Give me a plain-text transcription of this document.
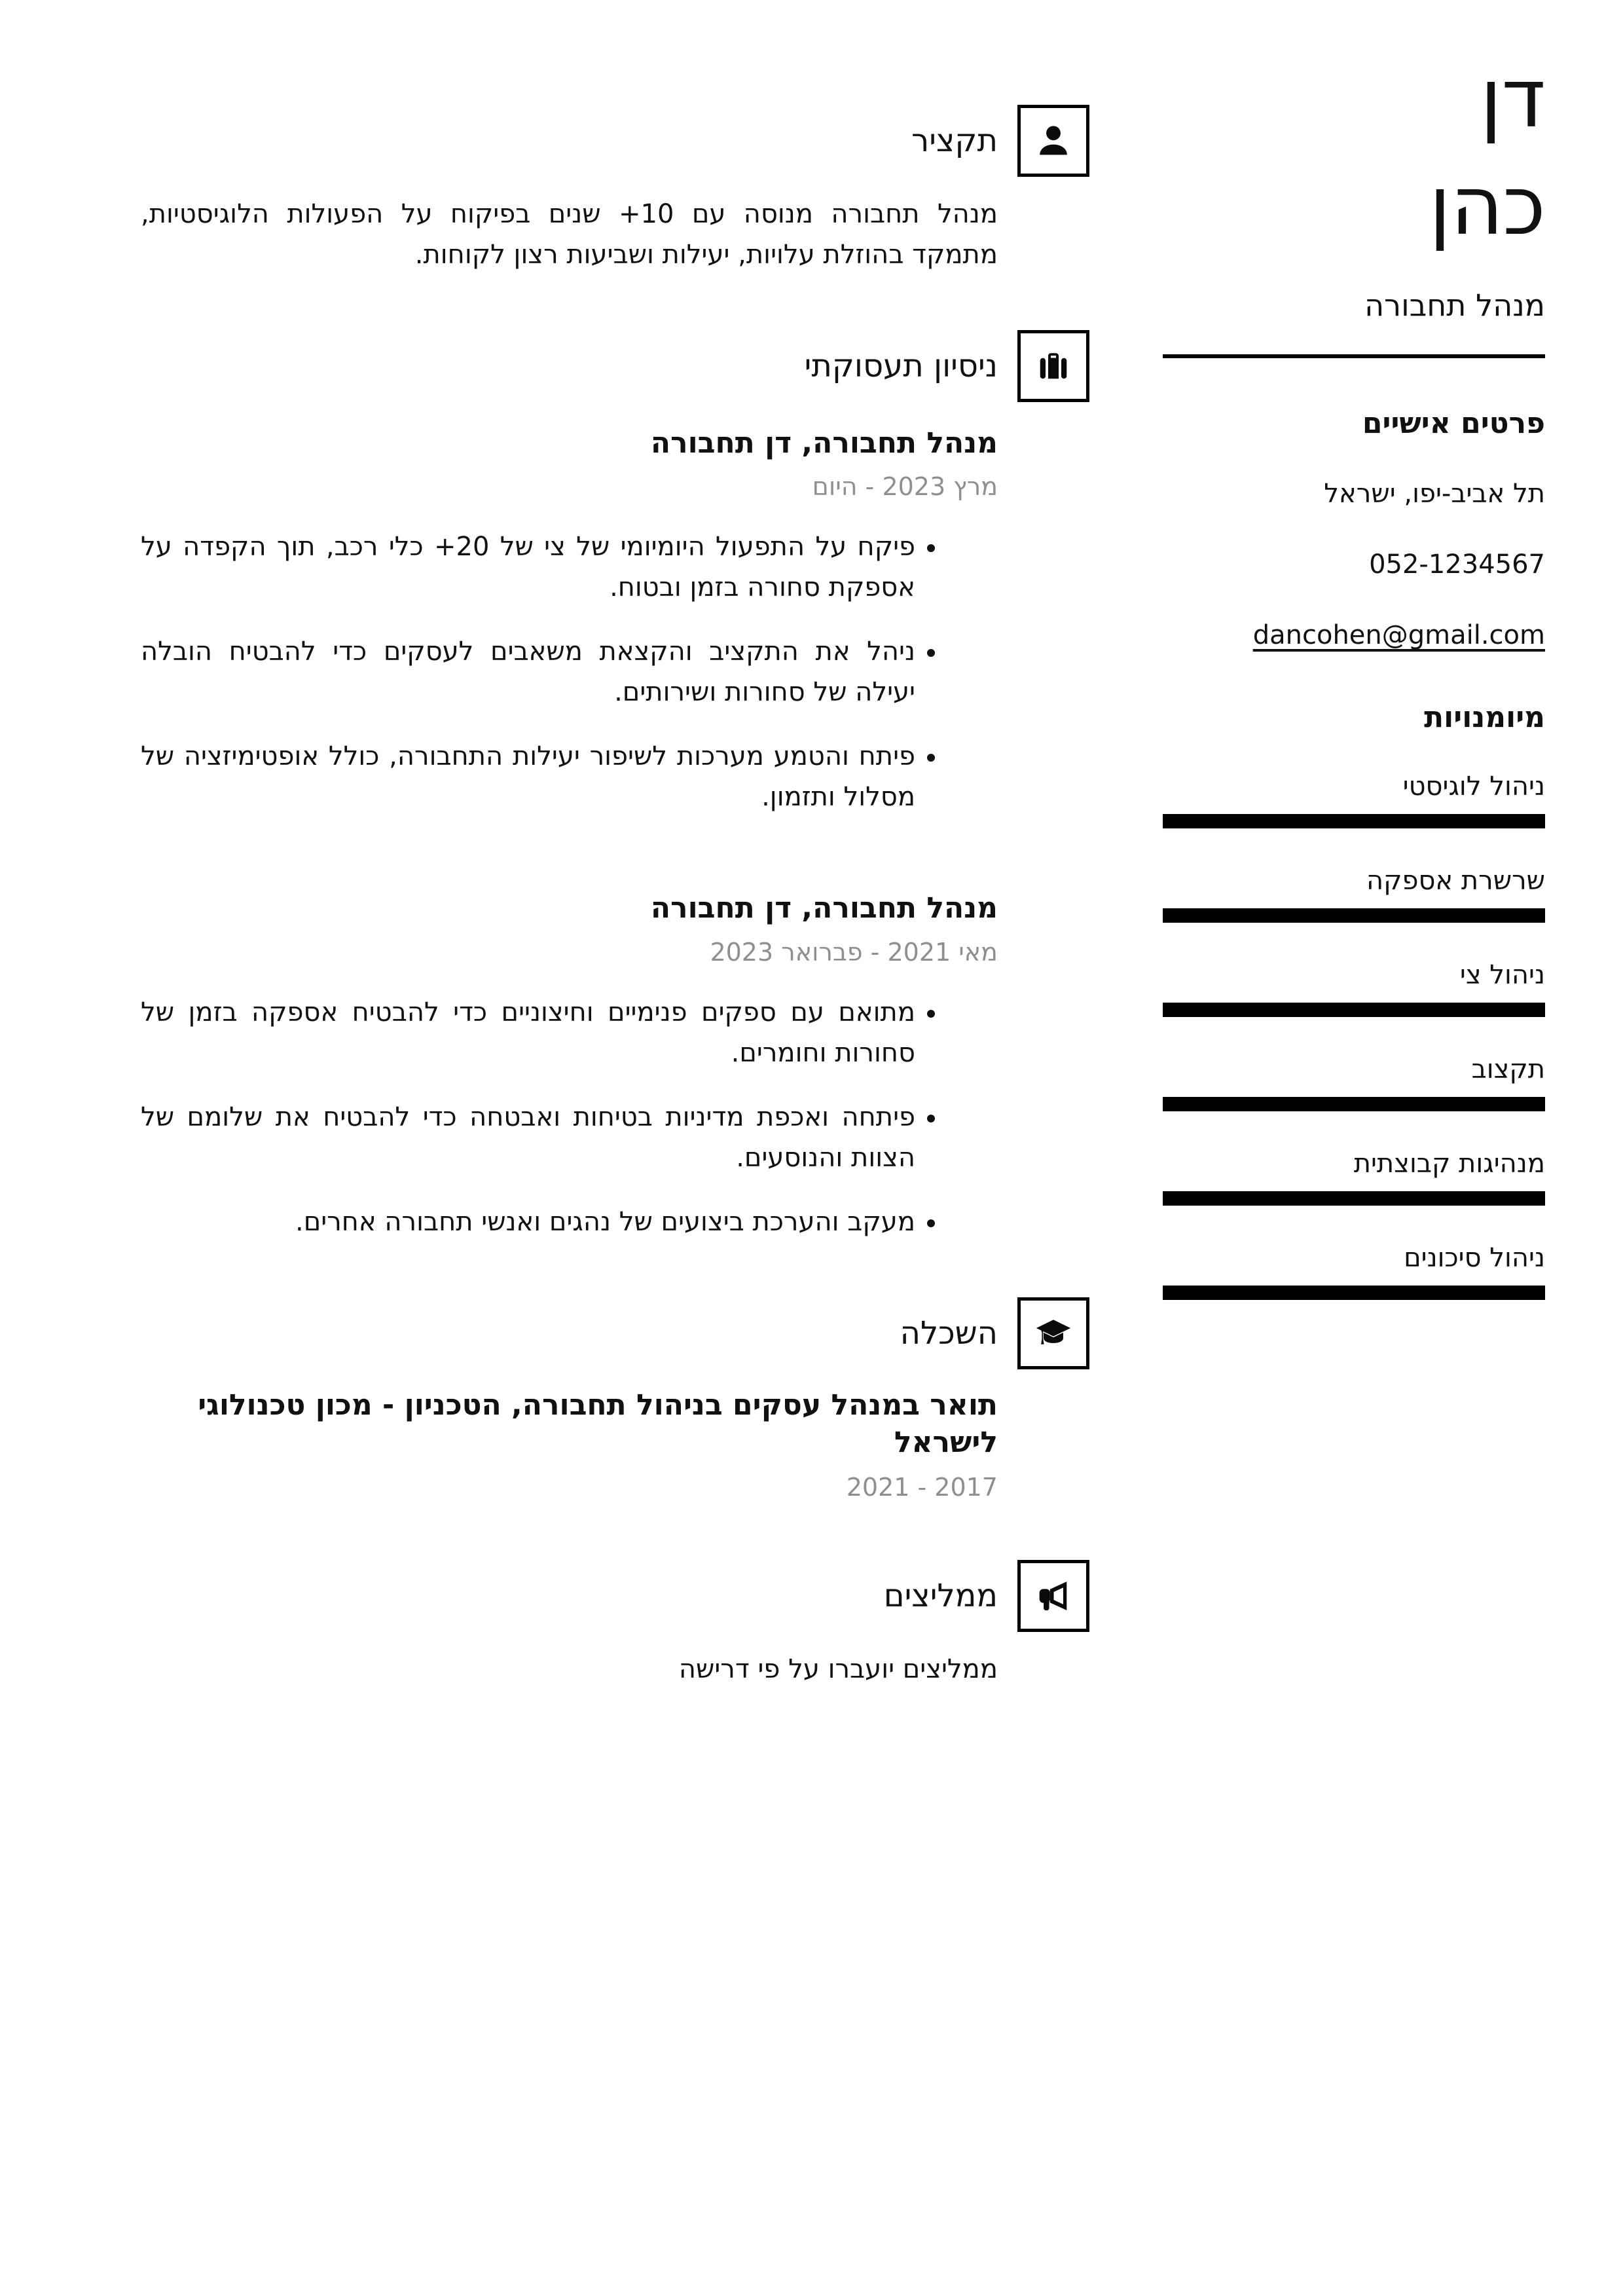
דן
כהן
מנהל תחבורה
פרטים אישיים
תל אביב-יפו, ישראל
052-1234567
dancohen@gmail.com
מיומנויות
ניהול לוגיסטי
שרשרת אספקה
ניהול צי
תקצוב
מנהיגות קבוצתית
ניהול סיכונים
תקציר

מנהל תחבורה מנוסה עם 10+ שנים בפיקוח על הפעולות הלוגיסטיות, מתמקד בהוזלת עלויות, יעילות ושביעות רצון לקוחות.

ניסיון תעסוקתי
מנהל תחבורה, דן תחבורה
מרץ 2023 - היום
• פיקח על התפעול היומיומי של צי של 20+ כלי רכב, תוך הקפדה על אספקת סחורה בזמן ובטוח.
• ניהל את התקציב והקצאת משאבים לעסקים כדי להבטיח הובלה יעילה של סחורות ושירותים.
• פיתח והטמע מערכות לשיפור יעילות התחבורה, כולל אופטימיזציה של מסלול ותזמון.
מנהל תחבורה, דן תחבורה
מאי 2021 - פברואר 2023
• מתואם עם ספקים פנימיים וחיצוניים כדי להבטיח אספקה בזמן של סחורות וחומרים.
• פיתחה ואכפת מדיניות בטיחות ואבטחה כדי להבטיח את שלומם של הצוות והנוסעים.
• מעקב והערכת ביצועים של נהגים ואנשי תחבורה אחרים.
השכלה
תואר במנהל עסקים בניהול תחבורה, הטכניון - מכון טכנולוגי לישראל
2017 - 2021
ממליצים

ממליצים יועברו על פי דרישה
